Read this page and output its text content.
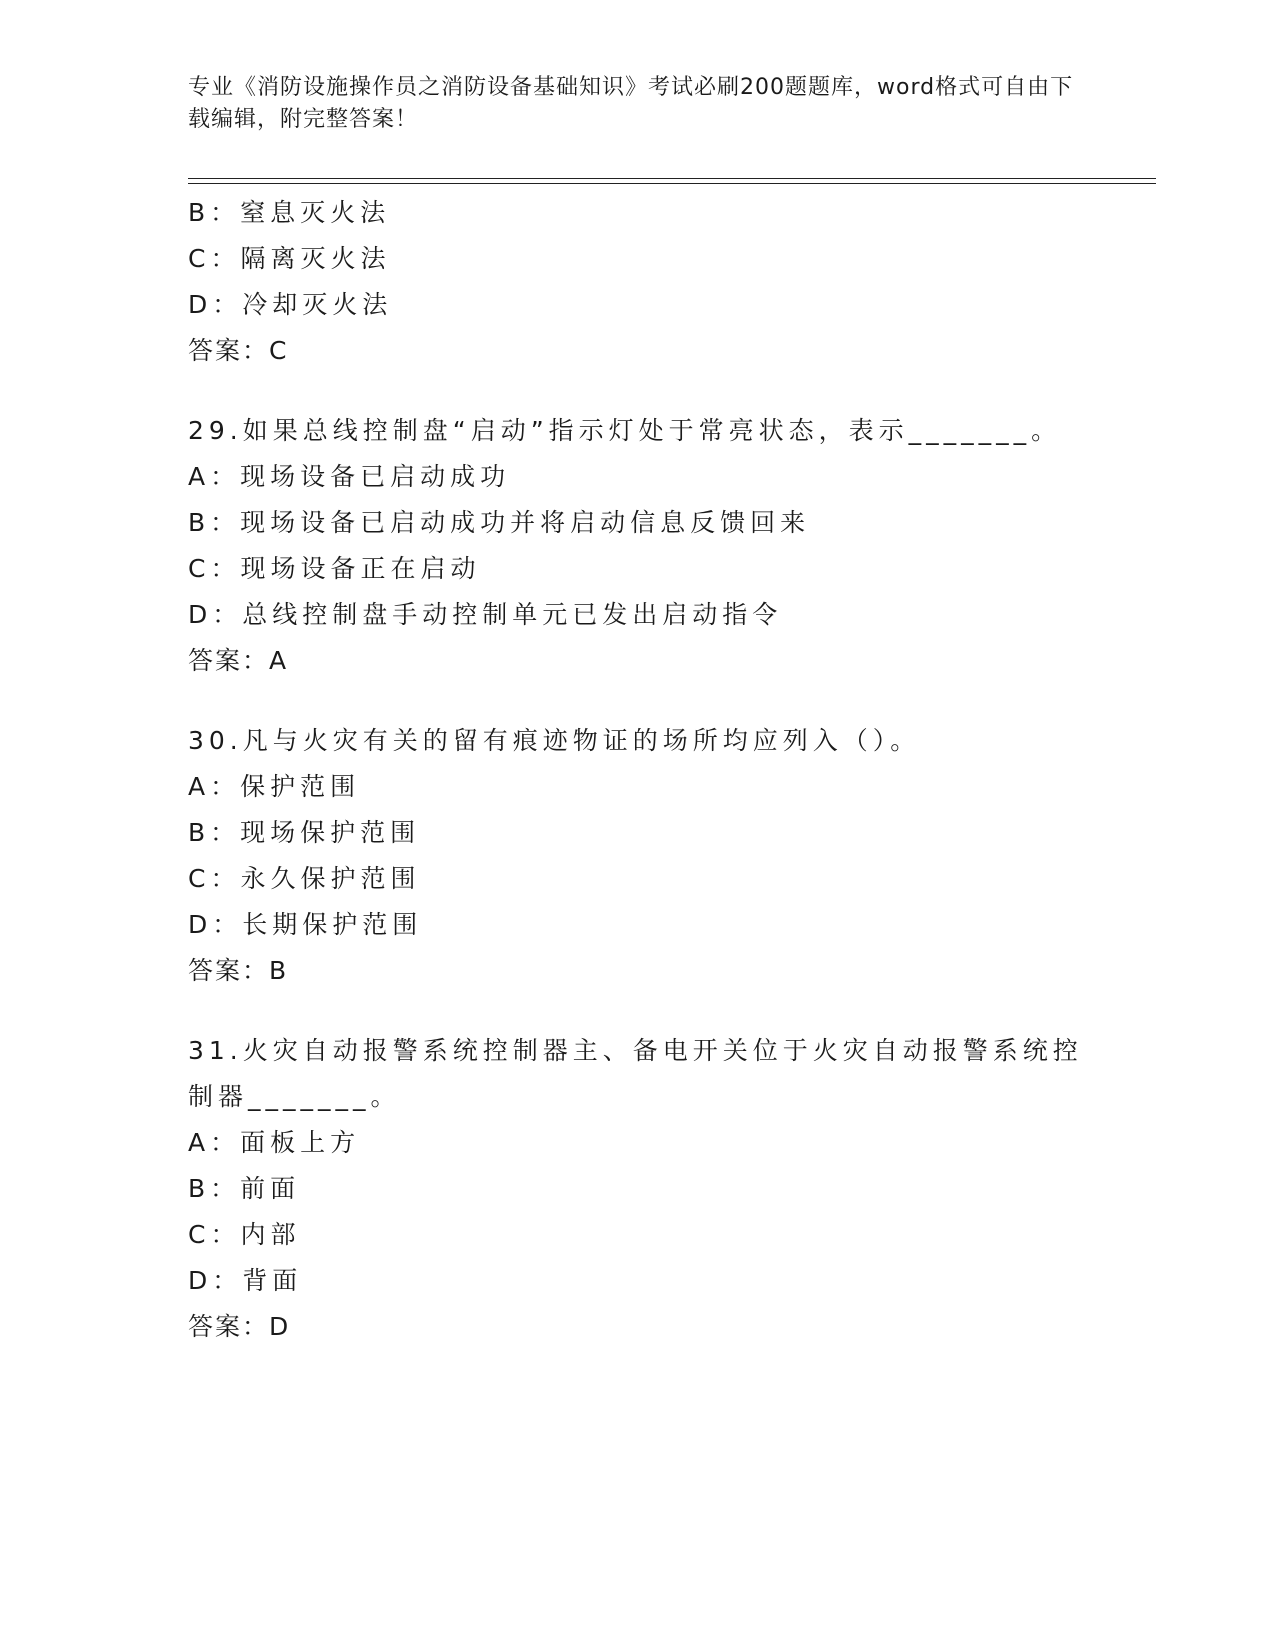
专业《消防设施操作员之消防设备基础知识》考试必刷200题题库，word格式可自由下载编辑，附完整答案！
B：窒息灭火法
C：隔离灭火法
D：冷却灭火法
答案：C
29.如果总线控制盘“启动”指示灯处于常亮状态，表示_______。
A：现场设备已启动成功
B：现场设备已启动成功并将启动信息反馈回来
C：现场设备正在启动
D：总线控制盘手动控制单元已发出启动指令
答案：A
30.凡与火灾有关的留有痕迹物证的场所均应列入（）。
A：保护范围
B：现场保护范围
C：永久保护范围
D：长期保护范围
答案：B
31.火灾自动报警系统控制器主、备电开关位于火灾自动报警系统控制器_______。
A：面板上方
B：前面
C：内部
D：背面
答案：D
